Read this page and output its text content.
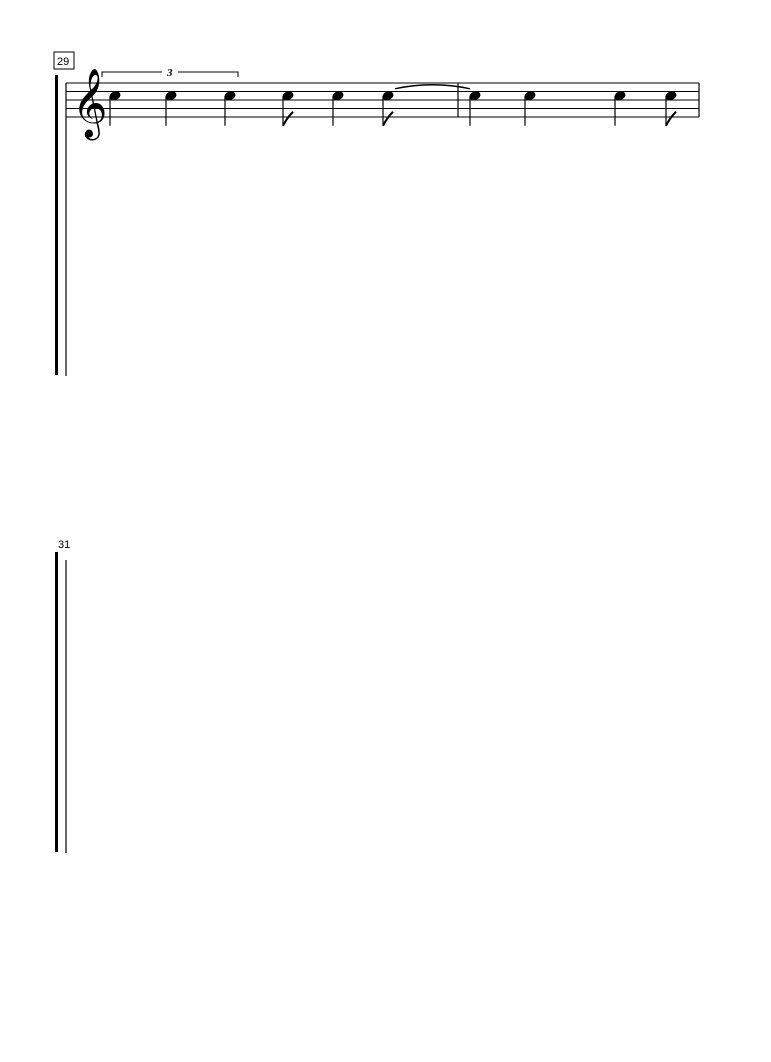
29
31
𝄞	3
